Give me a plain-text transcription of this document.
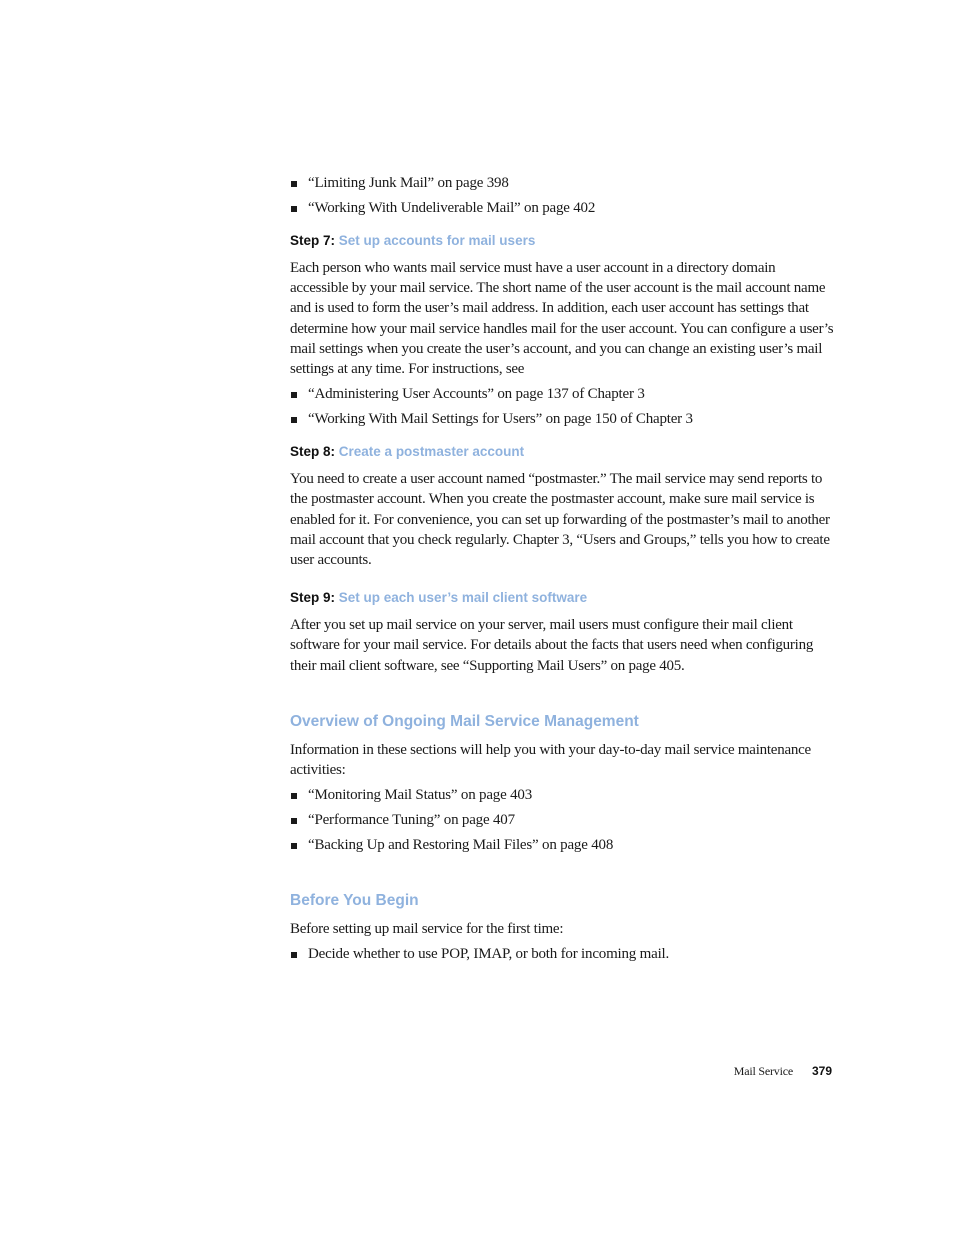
“Limiting Junk Mail” on page 398
“Working With Undeliverable Mail” on page 402
Step 7: Set up accounts for mail users

Each person who wants mail service must have a user account in a directory domain accessible by your mail service. The short name of the user account is the mail account name and is used to form the user’s mail address. In addition, each user account has settings that determine how your mail service handles mail for the user account. You can configure a user’s mail settings when you create the user’s account, and you can change an existing user’s mail settings at any time. For instructions, see

“Administering User Accounts” on page 137 of Chapter 3
“Working With Mail Settings for Users” on page 150 of Chapter 3
Step 8: Create a postmaster account

You need to create a user account named “postmaster.” The mail service may send reports to the postmaster account. When you create the postmaster account, make sure mail service is enabled for it. For convenience, you can set up forwarding of the postmaster’s mail to another mail account that you check regularly. Chapter 3, “Users and Groups,” tells you how to create user accounts.

Step 9: Set up each user’s mail client software

After you set up mail service on your server, mail users must configure their mail client software for your mail service. For details about the facts that users need when configuring their mail client software, see “Supporting Mail Users” on page 405.

Overview of Ongoing Mail Service Management

Information in these sections will help you with your day-to-day mail service maintenance activities:

“Monitoring Mail Status” on page 403
“Performance Tuning” on page 407
“Backing Up and Restoring Mail Files” on page 408
Before You Begin

Before setting up mail service for the first time:

Decide whether to use POP, IMAP, or both for incoming mail.
Mail Service 379
